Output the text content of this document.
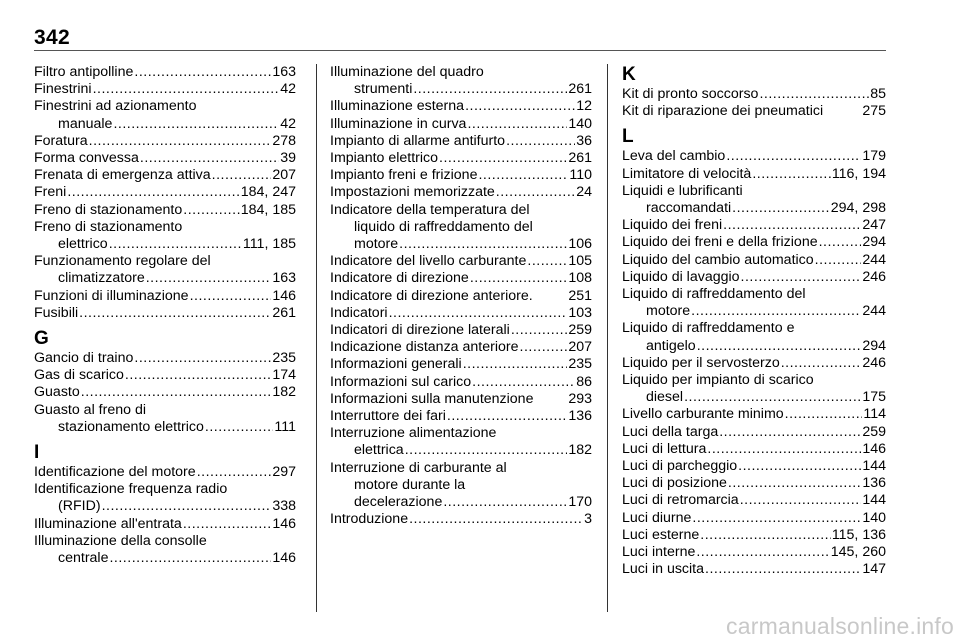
342
Filtro antipolline .....	163
Finestrini .....	42
Finestrini ad azionamento
manuale .....	42
Foratura .....	278
Forma convessa .....	39
Frenata di emergenza attiva .....	207
Freni .....	184, 247
Freno di stazionamento .....	184, 185
Freno di stazionamento
elettrico .....	111, 185
Funzionamento regolare del
climatizzatore .....	163
Funzioni di illuminazione .....	146
Fusibili .....	261
G
Gancio di traino .....	235
Gas di scarico .....	174
Guasto .....	182
Guasto al freno di
stazionamento elettrico .....	111
I
Identificazione del motore .....	297
Identificazione frequenza radio
(RFID) .....	338
Illuminazione all'entrata .....	146
Illuminazione della consolle
centrale .....	146
Illuminazione del quadro
strumenti .....	261
Illuminazione esterna .....	12
Illuminazione in curva .....	140
Impianto di allarme antifurto .....	36
Impianto elettrico .....	261
Impianto freni e frizione .....	110
Impostazioni memorizzate .....	24
Indicatore della temperatura del
liquido di raffreddamento del
motore .....	106
Indicatore del livello carburante .....	105
Indicatore di direzione .....	108
Indicatore di direzione anteriore.	251
Indicatori .....	103
Indicatori di direzione laterali .....	259
Indicazione distanza anteriore .....	207
Informazioni generali .....	235
Informazioni sul carico .....	86
Informazioni sulla manutenzione 293
Interruttore dei fari .....	136
Interruzione alimentazione
elettrica .....	182
Interruzione di carburante al
motore durante la
decelerazione .....	170
Introduzione .....	3
K
Kit di pronto soccorso .....	85
Kit di riparazione dei pneumatici	275
L
Leva del cambio .....	179
Limitatore di velocità .....	116, 194
Liquidi e lubrificanti
raccomandati .....	294, 298
Liquido dei freni .....	247
Liquido dei freni e della frizione .....	294
Liquido del cambio automatico .....	244
Liquido di lavaggio .....	246
Liquido di raffreddamento del
motore .....	244
Liquido di raffreddamento e
antigelo .....	294
Liquido per il servosterzo .....	246
Liquido per impianto di scarico
diesel .....	175
Livello carburante minimo .....	114
Luci della targa .....	259
Luci di lettura .....	146
Luci di parcheggio .....	144
Luci di posizione .....	136
Luci di retromarcia .....	144
Luci diurne .....	140
Luci esterne .....	115, 136
Luci interne .....	145, 260
Luci in uscita .....	147
carmanualsonline.info
